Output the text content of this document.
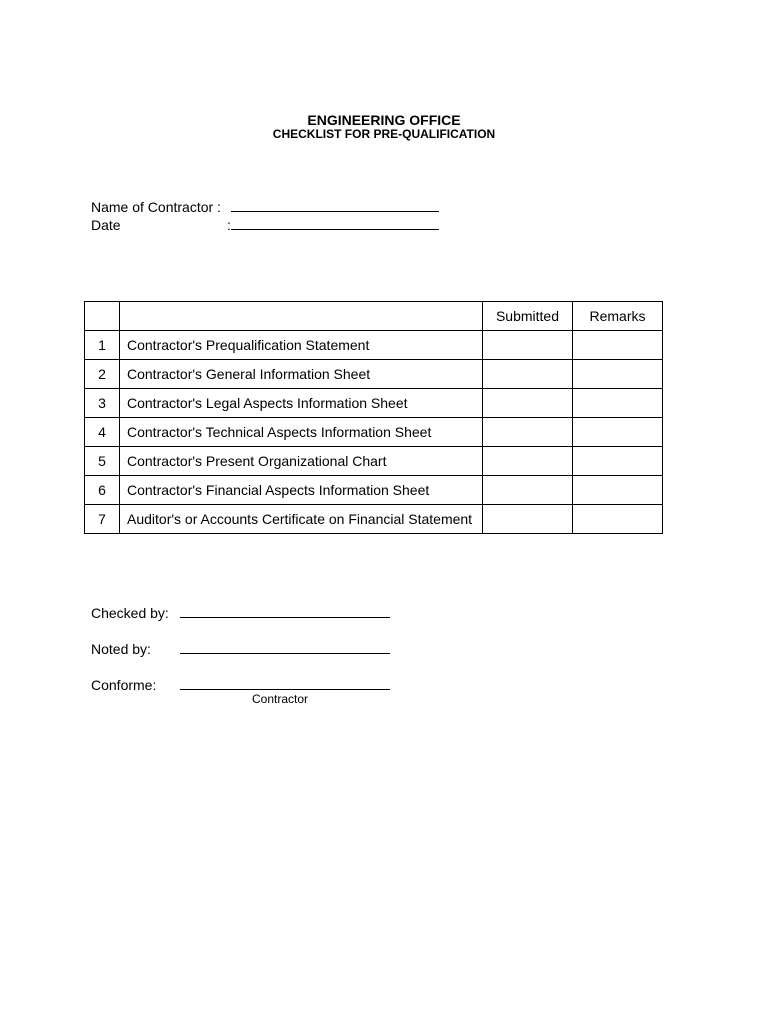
ENGINEERING OFFICE
CHECKLIST FOR PRE-QUALIFICATION
Name of Contractor :
Date	:
		Submitted	Remarks
1	Contractor's Prequalification Statement		
2	Contractor's General Information Sheet		
3	Contractor's Legal Aspects Information Sheet		
4	Contractor's Technical Aspects Information Sheet		
5	Contractor's Present Organizational Chart		
6	Contractor's Financial Aspects Information Sheet		
7	Auditor's or Accounts Certificate on Financial Statement		
Checked by:
Noted by:
Conforme:
Contractor
